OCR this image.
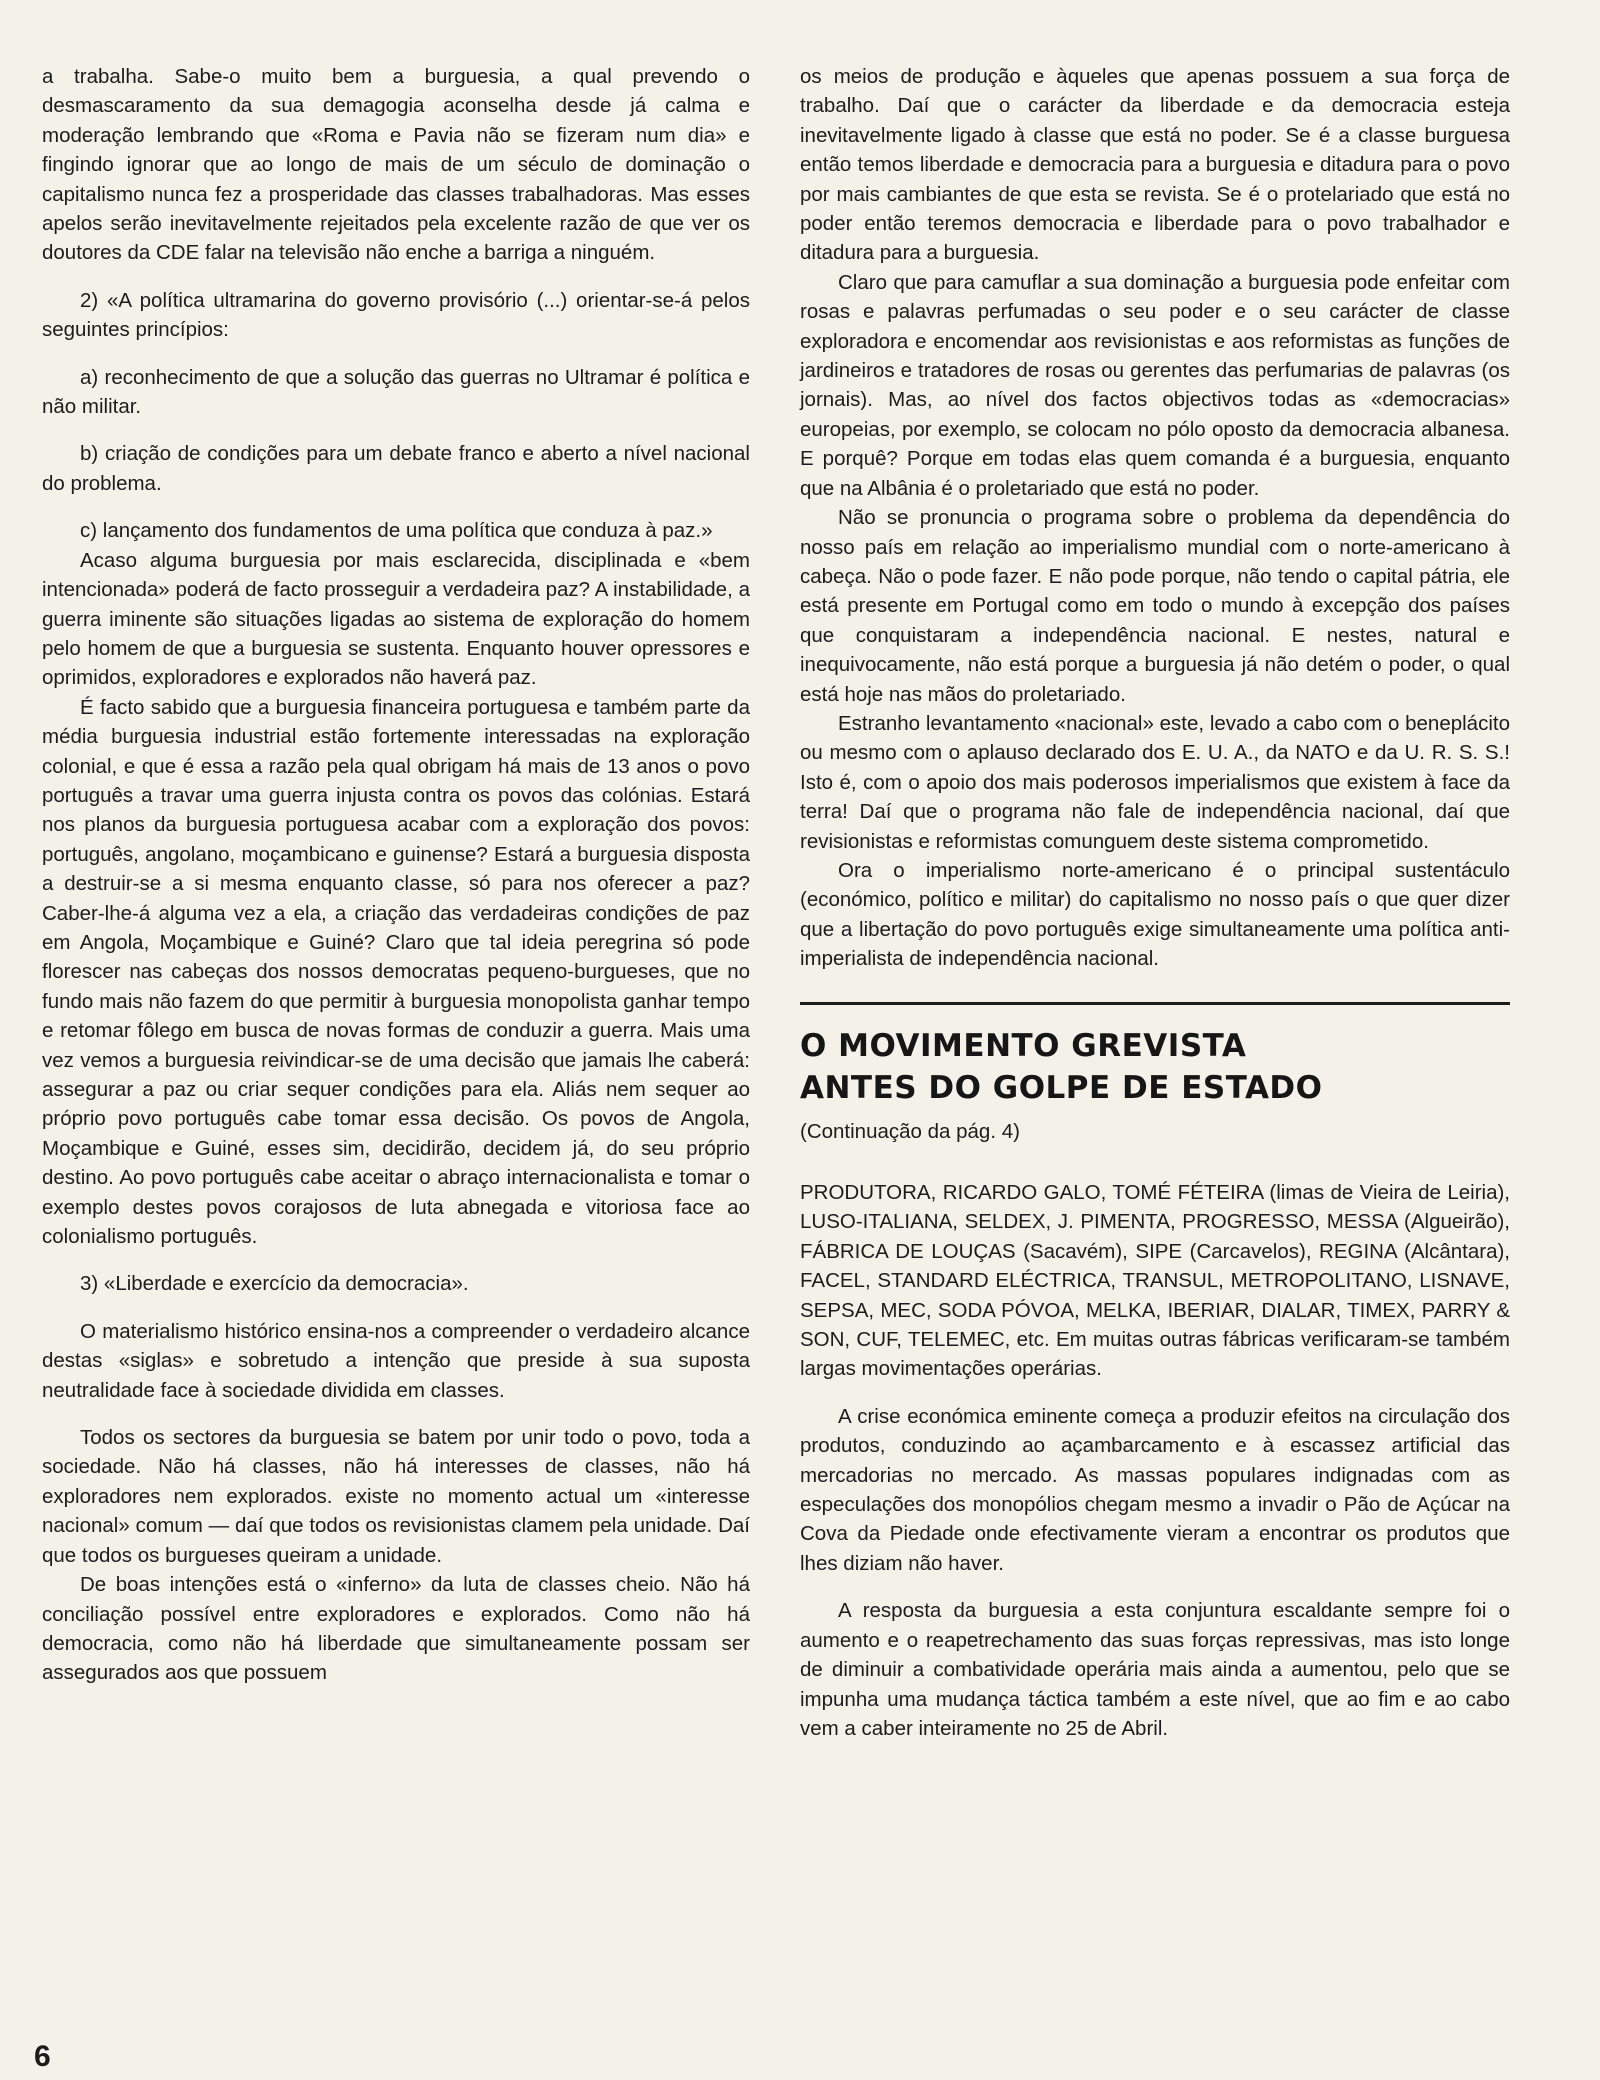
a trabalha. Sabe-o muito bem a burguesia, a qual prevendo o desmascaramento da sua demagogia aconselha desde já calma e moderação lembrando que «Roma e Pavia não se fizeram num dia» e fingindo ignorar que ao longo de mais de um século de dominação o capitalismo nunca fez a prosperidade das classes trabalhadoras. Mas esses apelos serão inevitavelmente rejeitados pela excelente razão de que ver os doutores da CDE falar na televisão não enche a barriga a ninguém.

2) «A política ultramarina do governo provisório (...) orientar-se-á pelos seguintes princípios:

a) reconhecimento de que a solução das guerras no Ultramar é política e não militar.

b) criação de condições para um debate franco e aberto a nível nacional do problema.

c) lançamento dos fundamentos de uma política que conduza à paz.»

Acaso alguma burguesia por mais esclarecida, disciplinada e «bem intencionada» poderá de facto prosseguir a verdadeira paz? A instabilidade, a guerra iminente são situações ligadas ao sistema de exploração do homem pelo homem de que a burguesia se sustenta. Enquanto houver opressores e oprimidos, exploradores e explorados não haverá paz.

É facto sabido que a burguesia financeira portuguesa e também parte da média burguesia industrial estão fortemente interessadas na exploração colonial, e que é essa a razão pela qual obrigam há mais de 13 anos o povo português a travar uma guerra injusta contra os povos das colónias. Estará nos planos da burguesia portuguesa acabar com a exploração dos povos: português, angolano, moçambicano e guinense? Estará a burguesia disposta a destruir-se a si mesma enquanto classe, só para nos oferecer a paz? Caber-lhe-á alguma vez a ela, a criação das verdadeiras condições de paz em Angola, Moçambique e Guiné? Claro que tal ideia peregrina só pode florescer nas cabeças dos nossos democratas pequeno-burgueses, que no fundo mais não fazem do que permitir à burguesia monopolista ganhar tempo e retomar fôlego em busca de novas formas de conduzir a guerra. Mais uma vez vemos a burguesia reivindicar-se de uma decisão que jamais lhe caberá: assegurar a paz ou criar sequer condições para ela. Aliás nem sequer ao próprio povo português cabe tomar essa decisão. Os povos de Angola, Moçambique e Guiné, esses sim, decidirão, decidem já, do seu próprio destino. Ao povo português cabe aceitar o abraço internacionalista e tomar o exemplo destes povos corajosos de luta abnegada e vitoriosa face ao colonialismo português.

3) «Liberdade e exercício da democracia».

O materialismo histórico ensina-nos a compreender o verdadeiro alcance destas «siglas» e sobretudo a intenção que preside à sua suposta neutralidade face à sociedade dividida em classes.

Todos os sectores da burguesia se batem por unir todo o povo, toda a sociedade. Não há classes, não há interesses de classes, não há exploradores nem explorados. existe no momento actual um «interesse nacional» comum — daí que todos os revisionistas clamem pela unidade. Daí que todos os burgueses queiram a unidade.

De boas intenções está o «inferno» da luta de classes cheio. Não há conciliação possível entre exploradores e explorados. Como não há democracia, como não há liberdade que simultaneamente possam ser assegurados aos que possuem

os meios de produção e àqueles que apenas possuem a sua força de trabalho. Daí que o carácter da liberdade e da democracia esteja inevitavelmente ligado à classe que está no poder. Se é a classe burguesa então temos liberdade e democracia para a burguesia e ditadura para o povo por mais cambiantes de que esta se revista. Se é o protelariado que está no poder então teremos democracia e liberdade para o povo trabalhador e ditadura para a burguesia.

Claro que para camuflar a sua dominação a burguesia pode enfeitar com rosas e palavras perfumadas o seu poder e o seu carácter de classe exploradora e encomendar aos revisionistas e aos reformistas as funções de jardineiros e tratadores de rosas ou gerentes das perfumarias de palavras (os jornais). Mas, ao nível dos factos objectivos todas as «democracias» europeias, por exemplo, se colocam no pólo oposto da democracia albanesa. E porquê? Porque em todas elas quem comanda é a burguesia, enquanto que na Albânia é o proletariado que está no poder.

Não se pronuncia o programa sobre o problema da dependência do nosso país em relação ao imperialismo mundial com o norte-americano à cabeça. Não o pode fazer. E não pode porque, não tendo o capital pátria, ele está presente em Portugal como em todo o mundo à excepção dos países que conquistaram a independência nacional. E nestes, natural e inequivocamente, não está porque a burguesia já não detém o poder, o qual está hoje nas mãos do proletariado.

Estranho levantamento «nacional» este, levado a cabo com o beneplácito ou mesmo com o aplauso declarado dos E. U. A., da NATO e da U. R. S. S.! Isto é, com o apoio dos mais poderosos imperialismos que existem à face da terra! Daí que o programa não fale de independência nacional, daí que revisionistas e reformistas comunguem deste sistema comprometido.

Ora o imperialismo norte-americano é o principal sustentáculo (económico, político e militar) do capitalismo no nosso país o que quer dizer que a libertação do povo português exige simultaneamente uma política anti-imperialista de independência nacional.

O MOVIMENTO GREVISTA

ANTES DO GOLPE DE ESTADO

(Continuação da pág. 4)

PRODUTORA, RICARDO GALO, TOMÉ FÉTEIRA (limas de Vieira de Leiria), LUSO-ITALIANA, SELDEX, J. PIMENTA, PROGRESSO, MESSA (Algueirão), FÁBRICA DE LOUÇAS (Sacavém), SIPE (Carcavelos), REGINA (Alcântara), FACEL, STANDARD ELÉCTRICA, TRANSUL, METROPOLITANO, LISNAVE, SEPSA, MEC, SODA PÓVOA, MELKA, IBERIAR, DIALAR, TIMEX, PARRY & SON, CUF, TELEMEC, etc. Em muitas outras fábricas verificaram-se também largas movimentações operárias.

A crise económica eminente começa a produzir efeitos na circulação dos produtos, conduzindo ao açambarcamento e à escassez artificial das mercadorias no mercado. As massas populares indignadas com as especulações dos monopólios chegam mesmo a invadir o Pão de Açúcar na Cova da Piedade onde efectivamente vieram a encontrar os produtos que lhes diziam não haver.

A resposta da burguesia a esta conjuntura escaldante sempre foi o aumento e o reapetrechamento das suas forças repressivas, mas isto longe de diminuir a combatividade operária mais ainda a aumentou, pelo que se impunha uma mudança táctica também a este nível, que ao fim e ao cabo vem a caber inteiramente no 25 de Abril.

6
